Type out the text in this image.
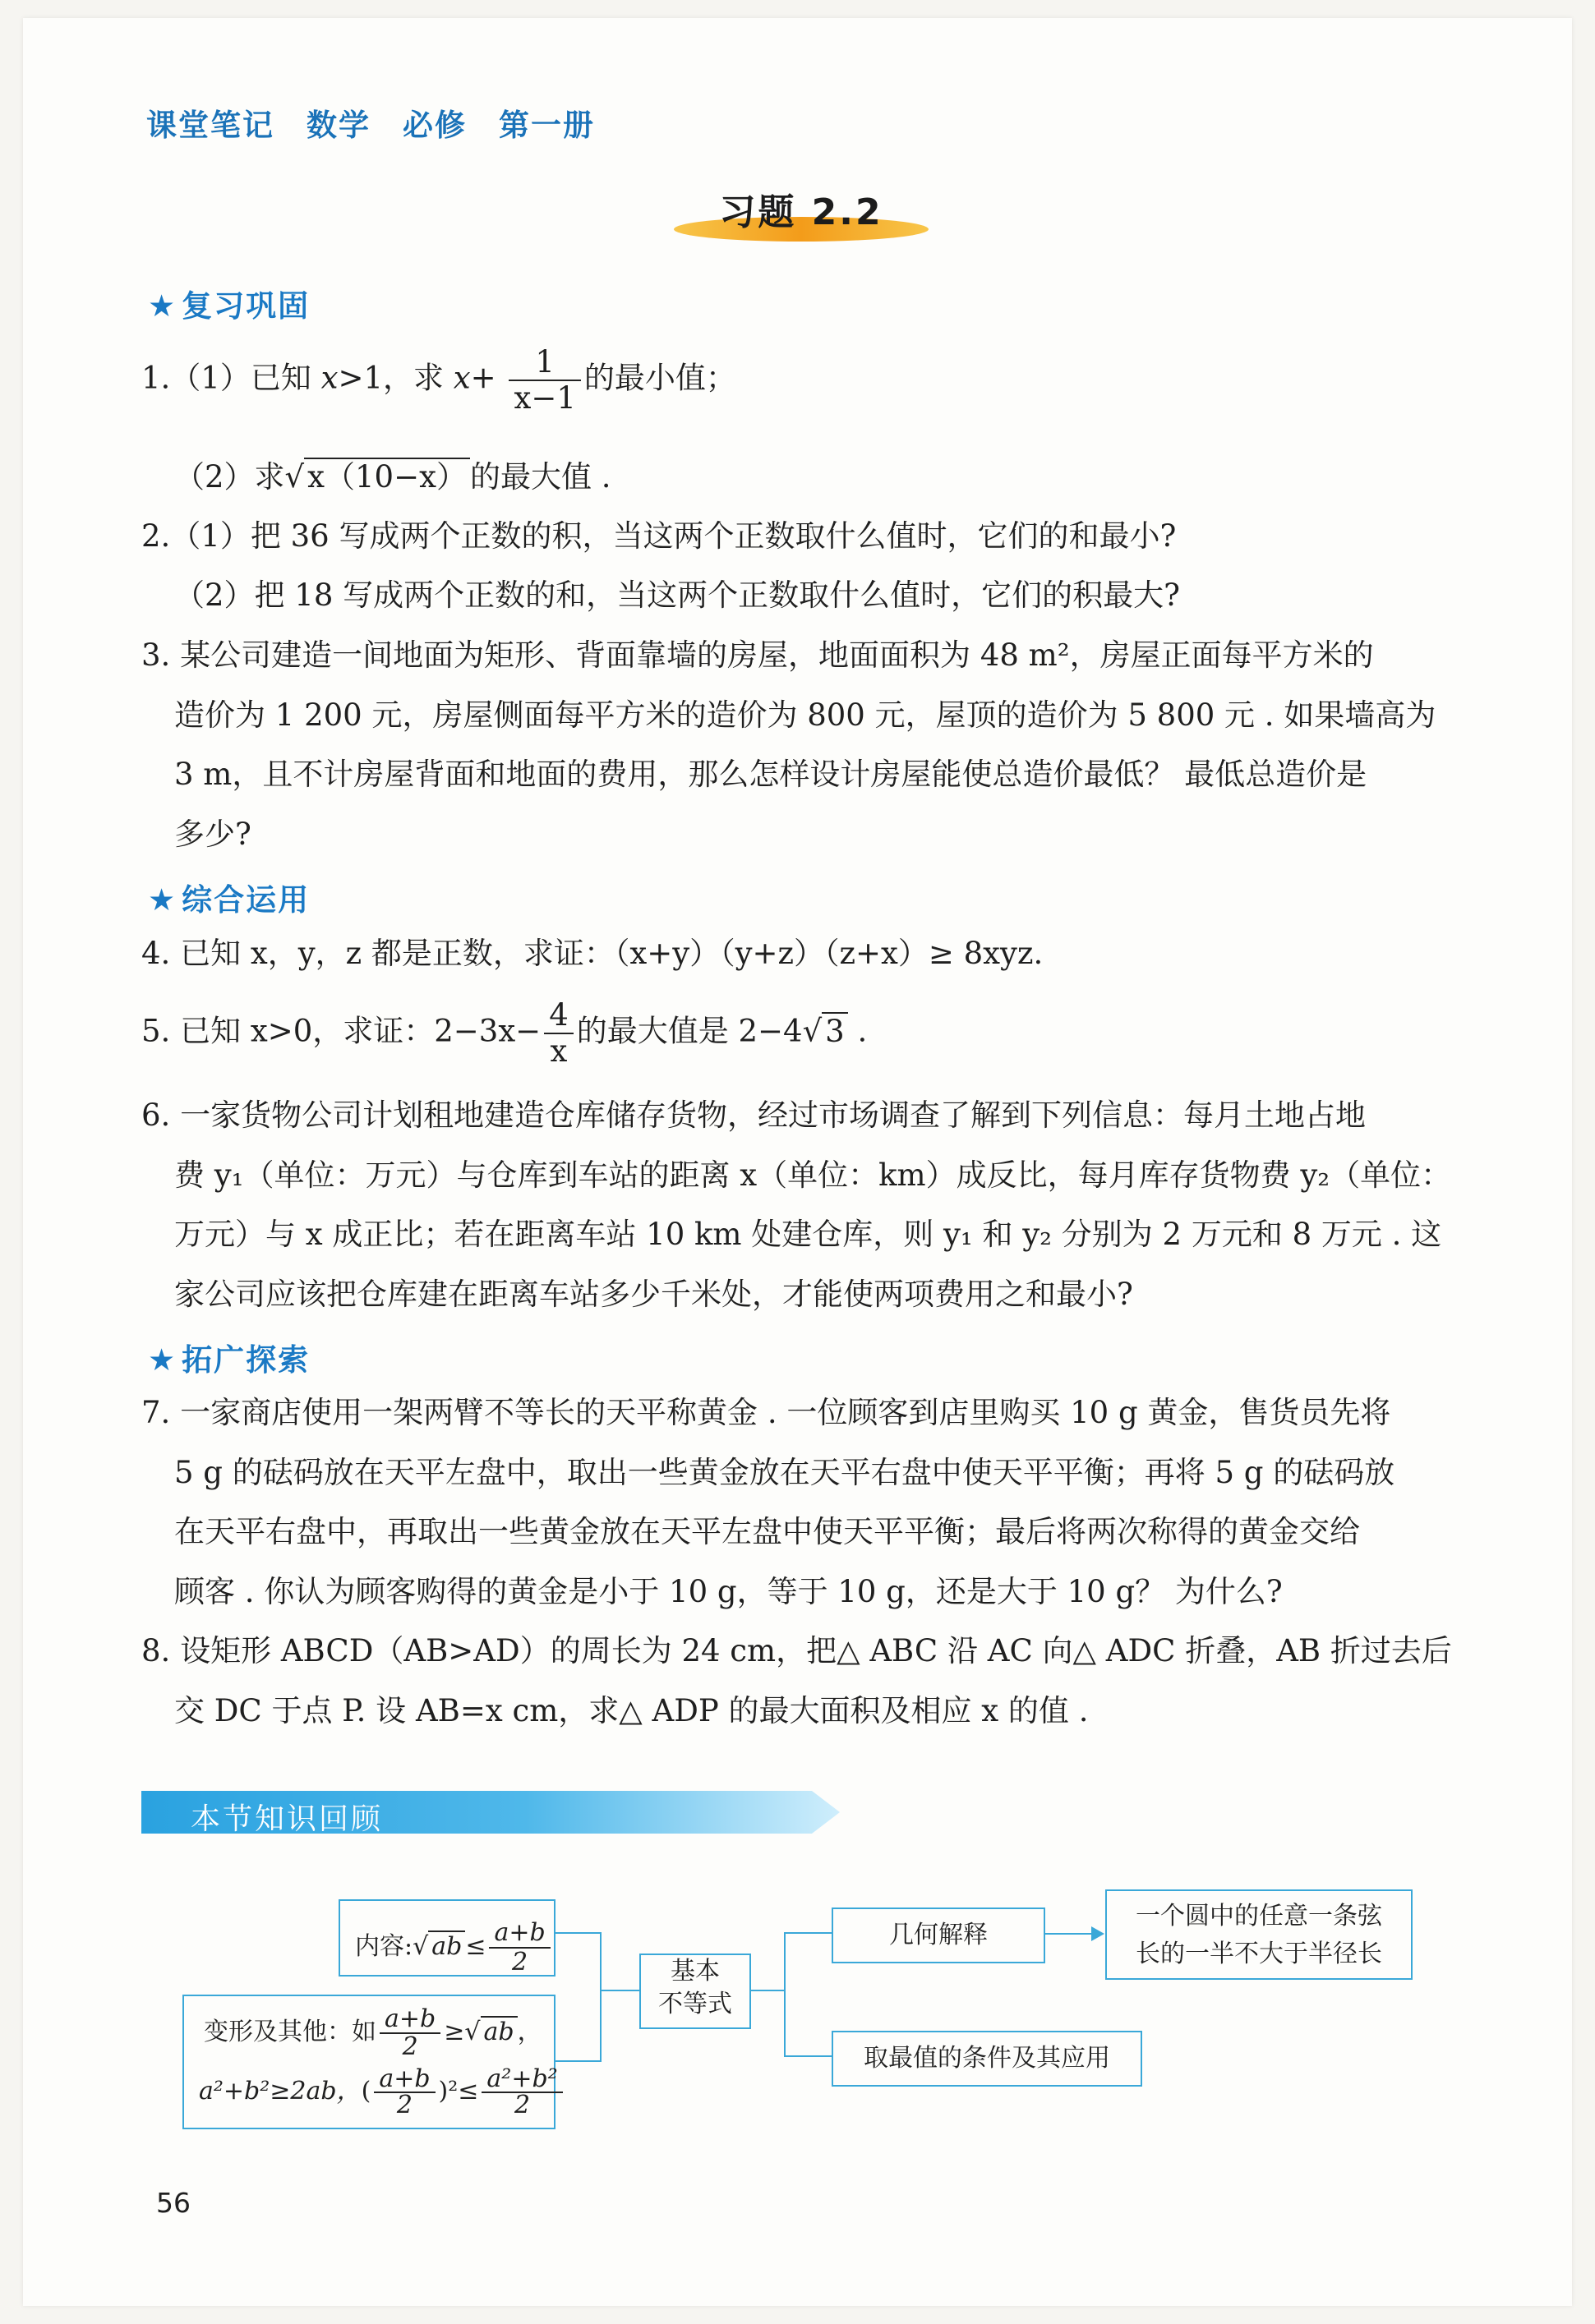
课堂笔记　数学　必修　第一册
习题 2.2
★ 复习巩固
1.（1）已知 x>1，求 $x+ \frac{1}{x-1}$ 的最小值；
（2）求√ x（10−x） 的最大值 .
2.（1）把 36 写成两个正数的积，当这两个正数取什么值时，它们的和最小?
（2）把 18 写成两个正数的和，当这两个正数取什么值时，它们的积最大?
3. 某公司建造一间地面为矩形、背面靠墙的房屋，地面面积为 48 m²，房屋正面每平方米的
造价为 1 200 元，房屋侧面每平方米的造价为 800 元，屋顶的造价为 5 800 元 . 如果墙高为
3 m，且不计房屋背面和地面的费用，那么怎样设计房屋能使总造价最低？ 最低总造价是
多少?
★ 综合运用
4. 已知 x，y，z 都是正数，求证：（x+y）（y+z）（z+x）≥ 8xyz.
5. 已知 x>0，求证：$2-3x- \frac{4}{x}$ 的最大值是 2−4√ 3 .
6. 一家货物公司计划租地建造仓库储存货物，经过市场调查了解到下列信息：每月土地占地
费 y₁（单位：万元）与仓库到车站的距离 x（单位：km）成反比，每月库存货物费 y₂（单位：
万元）与 x 成正比；若在距离车站 10 km 处建仓库，则 y₁ 和 y₂ 分别为 2 万元和 8 万元 . 这
家公司应该把仓库建在距离车站多少千米处，才能使两项费用之和最小?
★ 拓广探索
7. 一家商店使用一架两臂不等长的天平称黄金 . 一位顾客到店里购买 10 g 黄金，售货员先将
5 g 的砝码放在天平左盘中，取出一些黄金放在天平右盘中使天平平衡；再将 5 g 的砝码放
在天平右盘中，再取出一些黄金放在天平左盘中使天平平衡；最后将两次称得的黄金交给
顾客 . 你认为顾客购得的黄金是小于 10 g，等于 10 g，还是大于 10 g？ 为什么?
8. 设矩形 ABCD（AB>AD）的周长为 24 cm，把△ ABC 沿 AC 向△ ADC 折叠，AB 折过去后
交 DC 于点 P. 设 AB=x cm，求△ ADP 的最大面积及相应 x 的值 .
本节知识回顾
内容:√ ab ≤ $\frac{a+b}{2}$
变形及其他：如 $\frac{a+b}{2}$ ≥√ ab ，
a²+b²≥2ab，( $\frac{a+b}{2} )^2\le \frac{\text{a²+b²}}{2}$
基本
不等式
几何解释
一个圆中的任意一条弦
长的一半不大于半径长
取最值的条件及其应用
56
